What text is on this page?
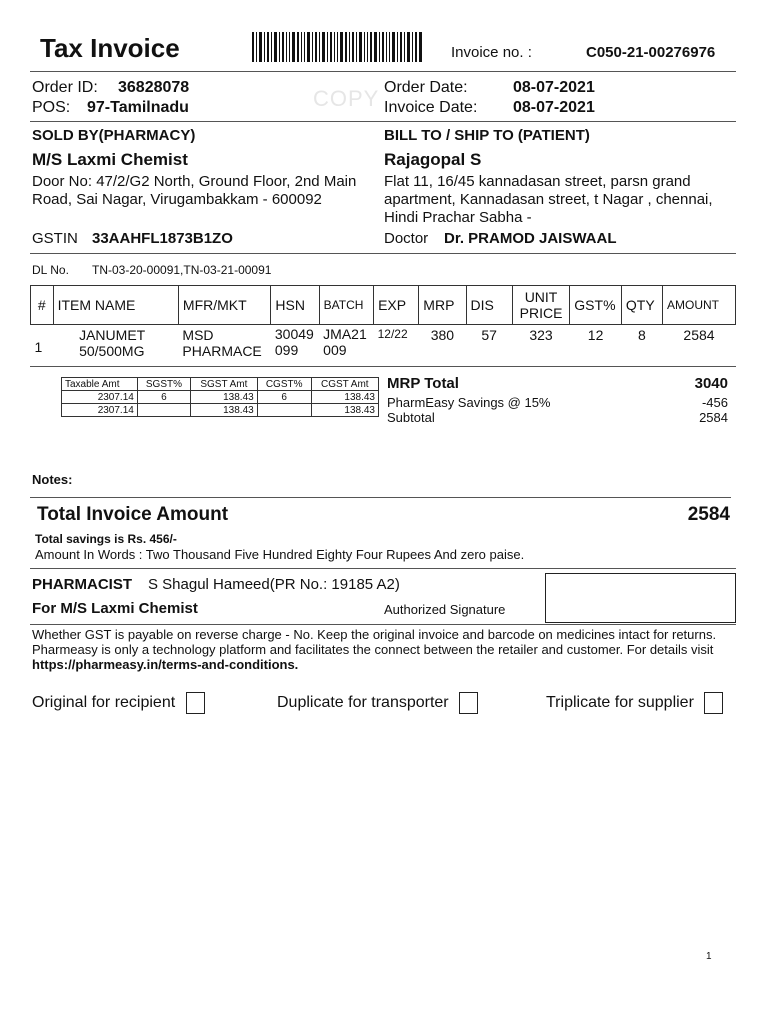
Tax Invoice	Invoice no. :	C050-21-00276976
COPY
Order ID: 36828078
POS: 97-Tamilnadu
Order Date:	08-07-2021
Invoice Date: 08-07-2021
SOLD BY(PHARMACY)
M/S Laxmi Chemist
Door No: 47/2/G2 North, Ground Floor, 2nd Main Road, Sai Nagar, Virugambakkam - 600092
GSTIN 33AAHFL1873B1ZO
BILL TO / SHIP TO (PATIENT)
Rajagopal S
Flat 11, 16/45 kannadasan street, parsn grand apartment, Kannadasan street, t Nagar , chennai, Hindi Prachar Sabha -
Doctor Dr. PRAMOD JAISWAAL
DL No. TN-03-20-00091,TN-03-21-00091
#	ITEM NAME	MFR/MKT	HSN	BATCH	EXP	MRP	DIS	UNIT PRICE	GST%	QTY	AMOUNT
1	JANUMET 50/500MG	MSD PHARMACE	30049 099	JMA21 009	12/22	380	57	323	12	8	2584
Taxable Amt	SGST%	SGST Amt	CGST%	CGST Amt
2307.14	6	138.43	6	138.43
2307.14		138.43		138.43
MRP Total	3040
PharmEasy Savings @ 15%	-456
Subtotal	2584
Notes:
Total Invoice Amount	2584
Total savings is Rs. 456/-
Amount In Words : Two Thousand Five Hundred Eighty Four Rupees And zero paise.
PHARMACIST S Shagul Hameed(PR No.: 19185 A2)
For M/S Laxmi Chemist	Authorized Signature
Whether GST is payable on reverse charge - No. Keep the original invoice and barcode on medicines intact for returns. Pharmeasy is only a technology platform and facilitates the connect between the retailer and customer. For details visit https://pharmeasy.in/terms-and-conditions.
Original for recipient	Duplicate for transporter	Triplicate for supplier
1
